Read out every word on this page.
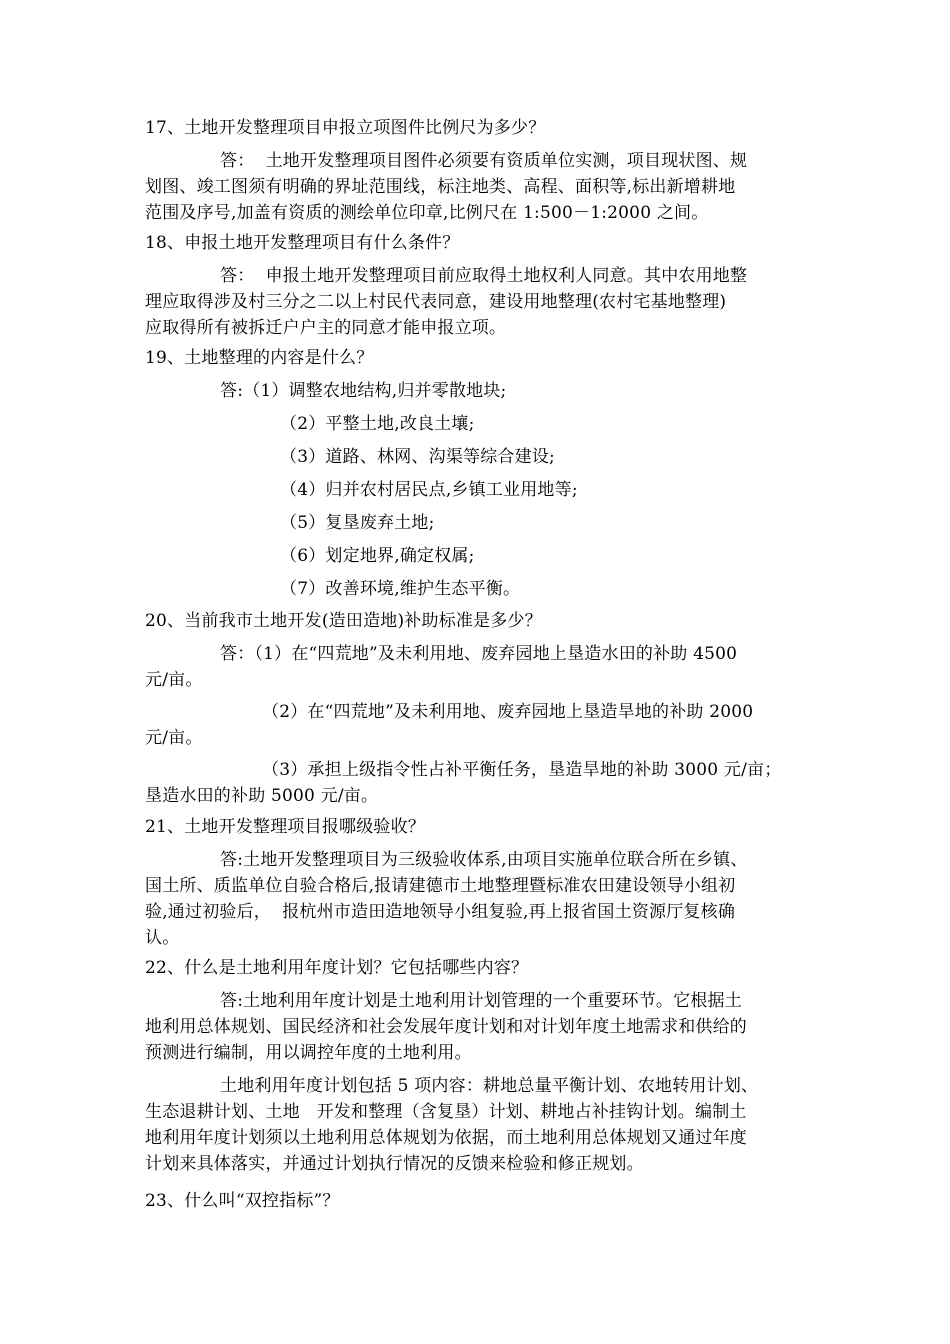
17、土地开发整理项目申报立项图件比例尺为多少？
答：  土地开发整理项目图件必须要有资质单位实测，项目现状图、规
划图、竣工图须有明确的界址范围线，标注地类、高程、面积等,标出新增耕地
范围及序号,加盖有资质的测绘单位印章,比例尺在 1:500－1:2000 之间。
18、申报土地开发整理项目有什么条件？
答：  申报土地开发整理项目前应取得土地权利人同意。其中农用地整
理应取得涉及村三分之二以上村民代表同意，建设用地整理(农村宅基地整理)
应取得所有被拆迁户户主的同意才能申报立项。
19、土地整理的内容是什么？
答:（1）调整农地结构,归并零散地块;
（2）平整土地,改良土壤;
（3）道路、林网、沟渠等综合建设;
（4）归并农村居民点,乡镇工业用地等;
（5）复垦废弃土地;
（6）划定地界,确定权属;
（7）改善环境,维护生态平衡。
20、当前我市土地开发(造田造地)补助标准是多少？
答：（1）在“四荒地”及未利用地、废弃园地上垦造水田的补助 4500
元/亩。
（2）在“四荒地”及未利用地、废弃园地上垦造旱地的补助 2000
元/亩。
（3）承担上级指令性占补平衡任务，垦造旱地的补助 3000 元/亩；
垦造水田的补助 5000 元/亩。
21、土地开发整理项目报哪级验收？
答:土地开发整理项目为三级验收体系,由项目实施单位联合所在乡镇、
国土所、质监单位自验合格后,报请建德市土地整理暨标准农田建设领导小组初
验,通过初验后，  报杭州市造田造地领导小组复验,再上报省国土资源厅复核确
认。
22、什么是土地利用年度计划？它包括哪些内容？
答:土地利用年度计划是土地利用计划管理的一个重要环节。它根据土
地利用总体规划、国民经济和社会发展年度计划和对计划年度土地需求和供给的
预测进行编制，用以调控年度的土地利用。
土地利用年度计划包括 5 项内容：耕地总量平衡计划、农地转用计划、
生态退耕计划、土地   开发和整理（含复垦）计划、耕地占补挂钩计划。编制土
地利用年度计划须以土地利用总体规划为依据，而土地利用总体规划又通过年度
计划来具体落实，并通过计划执行情况的反馈来检验和修正规划。
23、什么叫“双控指标”？
